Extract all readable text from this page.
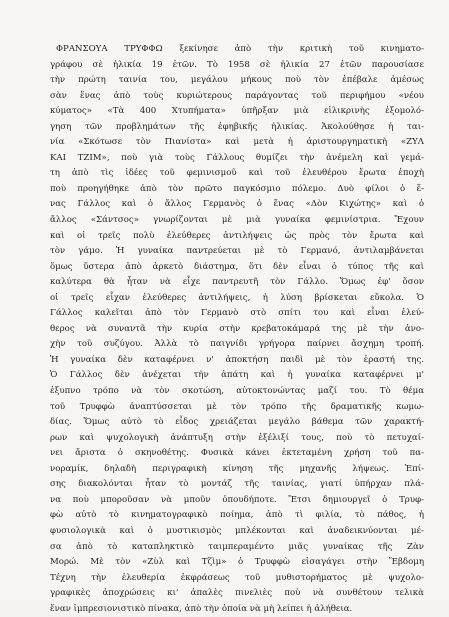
ΦΡΑΝΣΟΥΑ ΤΡΥΦΦΩ ξεκίνησε ἀπὸ τὴν κριτικὴ τοῦ κινηματο-
γράφου σὲ ἡλικία 19 ἐτῶν. Τὸ 1958 σὲ ἡλικία 27 ἐτῶν παρουσίασε
τὴν πρώτη ταινία του, μεγάλου μήκους ποὺ τὸν ἐπέβαλε ἀμέσως
σὰν ἕνας ἀπὸ τοὺς κυριώτερους παράγοντας τοῦ περιφήμου «νέου
κύματος» «Τὰ 400 Χτυπήματα» ὑπῆρξαν μιὰ εἰλικρινὴς ἐξομολό-
γηση τῶν προβλημάτων τῆς ἐφηβικῆς ἡλικίας. Ἀκολούθησε ἡ ται-
νία «Σκότωσε τὸν Πιανίστα» καὶ μετὰ ἡ ἀριστουργηματικὴ «ΖΥΛ
ΚΑΙ ΤΖΙΜ», ποὺ γιὰ τοὺς Γάλλους θυμίζει τὴν ἀνέμελη καὶ γεμά-
τη ἀπὸ τὶς ἰδέες τοῦ φεμινισμοῦ καὶ τοῦ ἐλευθέρου ἔρωτα ἐποχὴ
ποὺ προηγήθηκε ἀπὸ τὸν πρῶτο παγκόσμιο πόλεμο. Δυὸ φίλοι ὁ ἕ-
νας Γάλλος καὶ ὁ ἄλλος Γερμανὸς ὁ ἕνας «Δὸν Κιχώτης» καὶ ὁ
ἄλλος «Σάντσος» γνωρίζονται μὲ μιὰ γυναίκα φεμινίστρια. Ἔχουν
καὶ οἱ τρεῖς πολὺ ἐλεύθερες ἀντιλήψεις ὡς πρὸς τὸν ἔρωτα καὶ
τὸν γάμο. Ἡ γυναίκα παντρεύεται μὲ τὸ Γερμανό, ἀντιλαμβάνεται
ὅμως ὕστερα ἀπὸ ἀρκετὸ διάστημα, ὅτι δὲν εἶναι ὁ τύπος τῆς καὶ
καλύτερα θὰ ἦταν νὰ εἶχε παντρευτῆ τὸν Γάλλο. Ὅμως ἐφ' ὅσον
οἱ τρεῖς εἶχαν ἐλεύθερες ἀντιλήψεις, ἡ λύση βρίσκεται εὔκολα. Ὁ
Γάλλος καλεῖται ἀπὸ τὸν Γερμανὸ στὸ σπίτι του καὶ εἶναι ἐλεύ-
θερος νὰ συναντᾶ τὴν κυρία στὴν κρεβατοκάμαρά της μὲ τὴν ἀνο-
χὴν τοῦ συζύγου. Ἀλλὰ τὸ παιγνίδι γρήγορα παίρνει ἄσχημη τροπή.
Ἡ γυναίκα δὲν καταφέρνει ν' ἀποκτήση παιδὶ μὲ τὸν ἐραστή της.
Ὁ Γάλλος δὲν ἀνέχεται τὴν ἀπάτη καὶ ἡ γυναίκα καταφέρνει μ'
ἐξυπνο τρόπο νὰ τὸν σκοτώση, αὐτοκτονώντας μαζί του. Τὸ θέμα
τοῦ Τρυφφὼ ἀναπτύσσεται μὲ τὸν τρόπο τῆς δραματικῆς κωμω-
δίας. Ὅμως αὐτὸ τὸ εἶδος χρειάζεται μεγάλο βάθεμα τῶν χαρακτή-
ρων καὶ ψυχολογικὴ ἀνάπτυξη στὴν ἐξέλιξί τους, ποὺ τὸ πετυχαί-
νει ἄριστα ὁ σκηνοθέτης. Φυσικὰ κάνει ἐκτεταμένη χρήση τοῦ πα-
νοραμίκ, δηλαδὴ περιγραφικὴ κίνηση τῆς μηχανῆς λήψεως. Ἐπί-
σης διακολόνται ἦταν τὸ μοντάζ τῆς ταινίας, γιατί ὑπήρχαν πλά-
να ποὺ μποροῦσαν νὰ μποῦν ὁπουδήποτε. Ἔτσι δημιουργεῖ ὁ Τρυφ-
φὼ αὐτὸ τὸ κινηματογραφικὸ ποίημα, ἀπὸ τὶ φιλία, τὸ πάθος, ἡ
φυσιολογικὰ καὶ ὁ μυστικισμὸς μπλέκονται καὶ ἀναδεικνύονται μέ-
σα ἀπὸ τὸ καταπληκτικὸ ταιμπεραμέντο μιᾶς γυναίκας τῆς Ζὰν
Μορώ. Μὲ τὸν «Ζὺλ καὶ Τζὶμ» ὁ Τρυφφὼ εἰσαγάγει στὴν Ἕβδομη
Τέχνη τὴν ἐλευθερία ἐκφράσεως τοῦ μυθιστορήματος μὲ ψυχολο-
γραφικὲς ἀποχρώσεις κι' ἁπαλὲς πινελιὲς ποὺ νὰ συνθέτουν τελικὰ
ἕναν ἰμπρεσιονιστικὸ πίνακα, ἀπὸ τὴν ὁποία νὰ μὴ λείπει ἡ ἀλήθεια.
